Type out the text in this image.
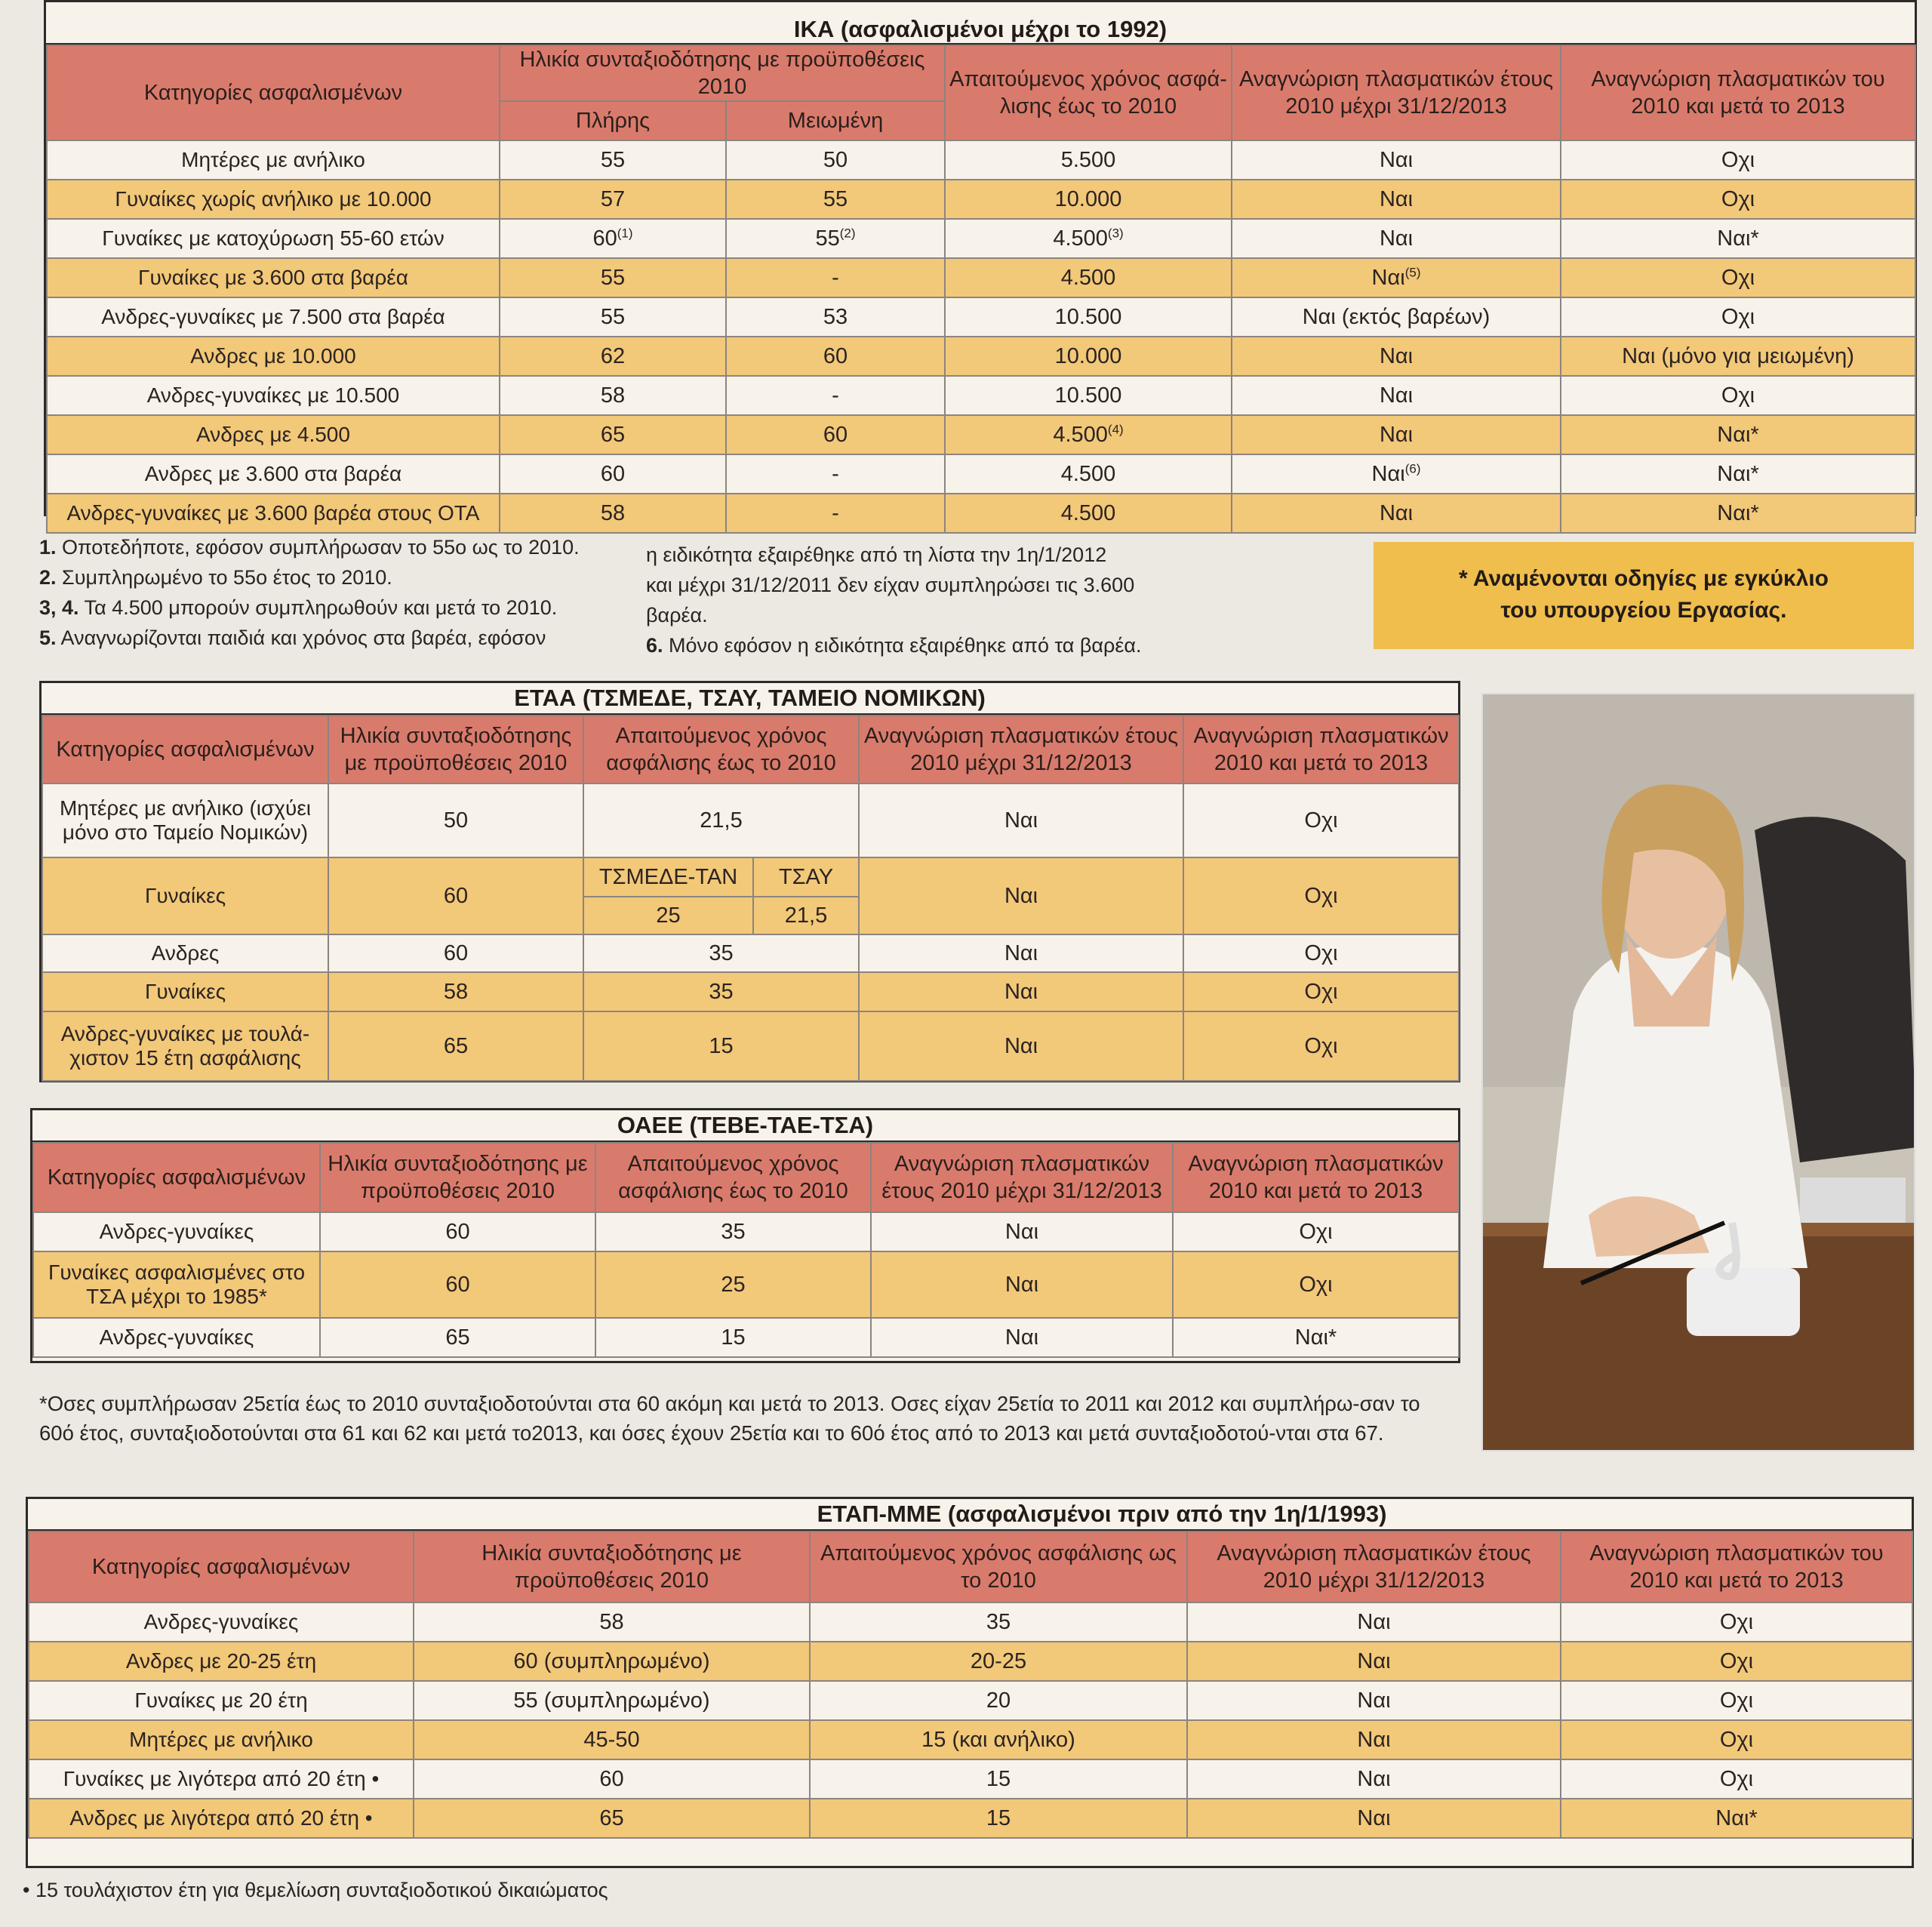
ΙΚΑ (ασφαλισμένοι μέχρι το 1992)
Κατηγορίες ασφαλισμένων	Ηλικία συνταξιοδότησης με προϋποθέσεις 2010		Απαιτούμενος χρόνος ασφά-λισης έως το 2010	Αναγνώριση πλασματικών έτους 2010 μέχρι 31/12/2013	Αναγνώριση πλασματικών του 2010 και μετά το 2013
	Πλήρης	Μειωμένη			
Μητέρες με ανήλικο	55	50	5.500	Ναι	Οχι
Γυναίκες χωρίς ανήλικο με 10.000	57	55	10.000	Ναι	Οχι
Γυναίκες με κατοχύρωση 55-60 ετών	60$^{(1)}$	55$^{(2)}$	4.500$^{(3)}$	Ναι	Ναι*
Γυναίκες με 3.600 στα βαρέα	55	-	4.500	Ναι$^{(5)}$	Οχι
Ανδρες-γυναίκες με 7.500 στα βαρέα	55	53	10.500	Ναι (εκτός βαρέων)	Οχι
Ανδρες με 10.000	62	60	10.000	Ναι	Ναι (μόνο για μειωμένη)
Ανδρες-γυναίκες με 10.500	58	-	10.500	Ναι	Οχι
Ανδρες με 4.500	65	60	4.500$^{(4)}$	Ναι	Ναι*
Ανδρες με 3.600 στα βαρέα	60	-	4.500	Ναι$^{(6)}$	Ναι*
Ανδρες-γυναίκες με 3.600 βαρέα στους ΟΤΑ	58	-	4.500	Ναι	Ναι*
1. Οποτεδήποτε, εφόσον συμπλήρωσαν το 55ο ως το 2010.
2. Συμπληρωμένο το 55ο έτος το 2010.
3, 4. Τα 4.500 μπορούν συμπληρωθούν και μετά το 2010.
5. Αναγνωρίζονται παιδιά και χρόνος στα βαρέα, εφόσον
η ειδικότητα εξαιρέθηκε από τη λίστα την 1η/1/2012
και μέχρι 31/12/2011 δεν είχαν συμπληρώσει τις 3.600
βαρέα.
6. Μόνο εφόσον η ειδικότητα εξαιρέθηκε από τα βαρέα.
* Αναμένονται οδηγίες με εγκύκλιο
του υπουργείου Εργασίας.
ΕΤΑΑ (ΤΣΜΕΔΕ, ΤΣΑΥ, ΤΑΜΕΙΟ ΝΟΜΙΚΩΝ)
Κατηγορίες ασφαλισμένων	Ηλικία συνταξιοδότησης με προϋποθέσεις 2010	Απαιτούμενος χρόνος ασφάλισης έως το 2010		Αναγνώριση πλασματικών έτους 2010 μέχρι 31/12/2013	Αναγνώριση πλασματικών 2010 και μετά το 2013
Μητέρες με ανήλικο (ισχύει μόνο στο Ταμείο Νομικών)	50	21,5		Ναι	Οχι
Γυναίκες	60	ΤΣΜΕΔΕ-ΤΑΝ	ΤΣΑΥ	Ναι	Οχι
		25	21,5		
Ανδρες	60	35		Ναι	Οχι
Γυναίκες	58	35		Ναι	Οχι
Ανδρες-γυναίκες με τουλά-χιστον 15 έτη ασφάλισης	65	15		Ναι	Οχι
ΟΑΕΕ (ΤΕΒΕ-ΤΑΕ-ΤΣΑ)
Κατηγορίες ασφαλισμένων	Ηλικία συνταξιοδότησης με προϋποθέσεις 2010	Απαιτούμενος χρόνος ασφάλισης έως το 2010	Αναγνώριση πλασματικών έτους 2010 μέχρι 31/12/2013	Αναγνώριση πλασματικών 2010 και μετά το 2013
Ανδρες-γυναίκες	60	35	Ναι	Οχι
Γυναίκες ασφαλισμένες στο ΤΣΑ μέχρι το 1985*	60	25	Ναι	Οχι
Ανδρες-γυναίκες	65	15	Ναι	Ναι*
*Οσες συμπλήρωσαν 25ετία έως το 2010 συνταξιοδοτούνται στα 60 ακόμη και μετά το 2013. Οσες είχαν 25ετία το 2011 και 2012 και συμπλήρω-σαν το 60ό έτος, συνταξιοδοτούνται στα 61 και 62 και μετά το2013, και όσες έχουν 25ετία και το 60ό έτος από το 2013 και μετά συνταξιοδοτού-νται στα 67.
ΕΤΑΠ-ΜΜΕ (ασφαλισμένοι πριν από την 1η/1/1993)
Κατηγορίες ασφαλισμένων	Ηλικία συνταξιοδότησης με προϋποθέσεις 2010	Απαιτούμενος χρόνος ασφάλισης ως το 2010	Αναγνώριση πλασματικών έτους 2010 μέχρι 31/12/2013	Αναγνώριση πλασματικών του 2010 και μετά το 2013
Ανδρες-γυναίκες	58	35	Ναι	Οχι
Ανδρες με 20-25 έτη	60 (συμπληρωμένο)	20-25	Ναι	Οχι
Γυναίκες με 20 έτη	55 (συμπληρωμένο)	20	Ναι	Οχι
Μητέρες με ανήλικο	45-50	15 (και ανήλικο)	Ναι	Οχι
Γυναίκες με λιγότερα από 20 έτη •	60	15	Ναι	Οχι
Ανδρες με λιγότερα από 20 έτη •	65	15	Ναι	Ναι*
• 15 τουλάχιστον έτη για θεμελίωση συνταξιοδοτικού δικαιώματος
